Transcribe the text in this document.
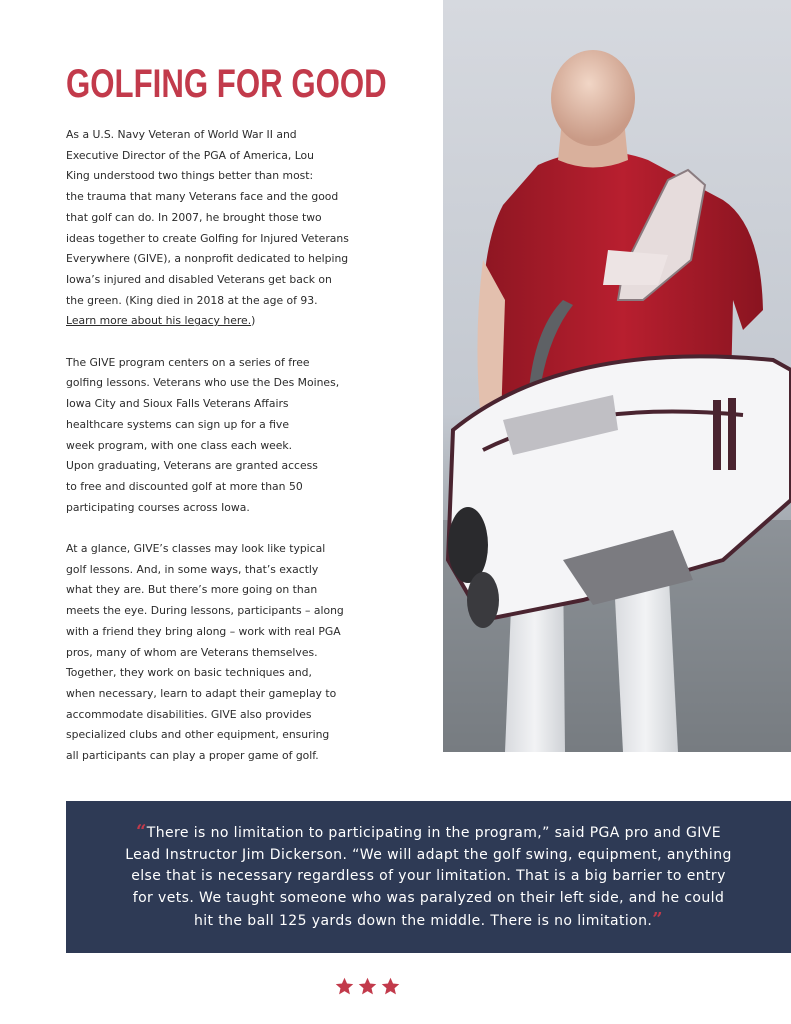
GOLFING FOR GOOD

As a U.S. Navy Veteran of World War II and
Executive Director of the PGA of America, Lou
King understood two things better than most:
the trauma that many Veterans face and the good
that golf can do. In 2007, he brought those two
ideas together to create Golfing for Injured Veterans
Everywhere (GIVE), a nonprofit dedicated to helping
Iowa’s injured and disabled Veterans get back on
the green. (King died in 2018 at the age of 93.
Learn more about his legacy here.)

The GIVE program centers on a series of free
golfing lessons. Veterans who use the Des Moines,
Iowa City and Sioux Falls Veterans Affairs
healthcare systems can sign up for a five
week program, with one class each week.
Upon graduating, Veterans are granted access
to free and discounted golf at more than 50
participating courses across Iowa.

At a glance, GIVE’s classes may look like typical
golf lessons. And, in some ways, that’s exactly
what they are. But there’s more going on than
meets the eye. During lessons, participants – along
with a friend they bring along – work with real PGA
pros, many of whom are Veterans themselves.
Together, they work on basic techniques and,
when necessary, learn to adapt their gameplay to
accommodate disabilities. GIVE also provides
specialized clubs and other equipment, ensuring
all participants can play a proper game of golf.

“There is no limitation to participating in the program,” said PGA pro and GIVE
Lead Instructor Jim Dickerson. “We will adapt the golf swing, equipment, anything
else that is necessary regardless of your limitation. That is a big barrier to entry
for vets. We taught someone who was paralyzed on their left side, and he could
hit the ball 125 yards down the middle. There is no limitation.”
